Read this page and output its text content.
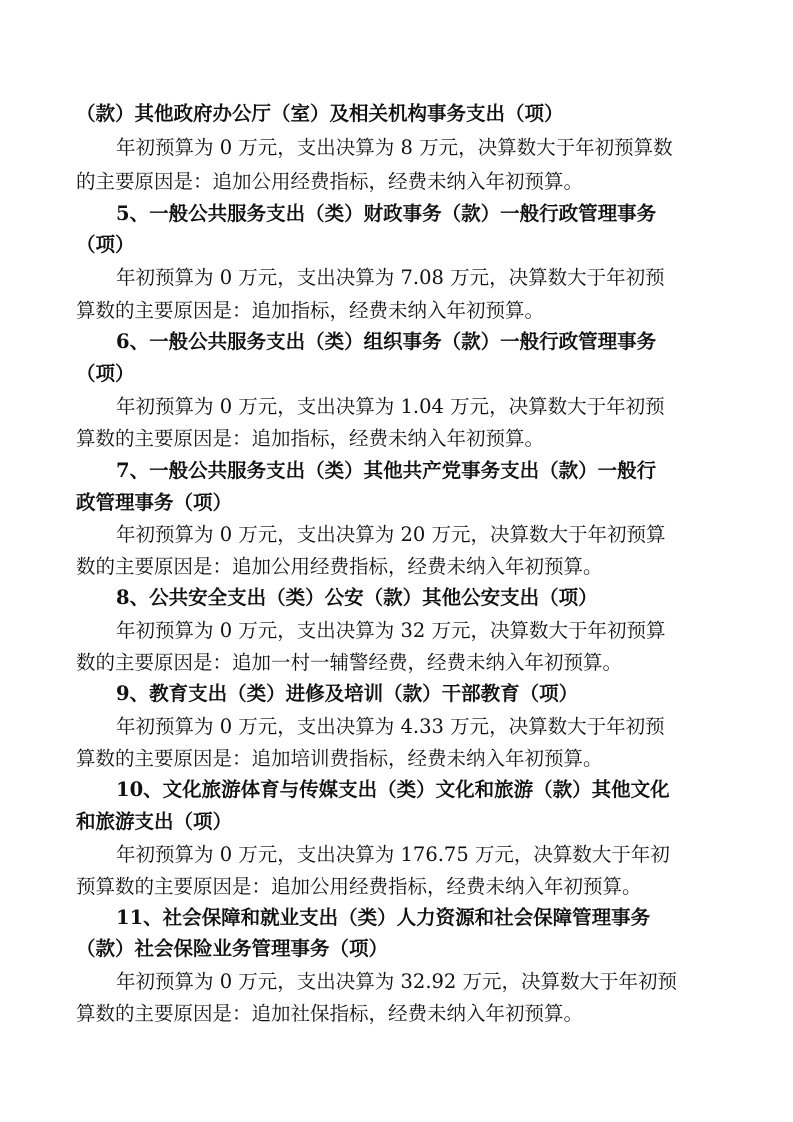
（款）其他政府办公厅（室）及相关机构事务支出（项）
年初预算为 0 万元，支出决算为 8 万元，决算数大于年初预算数
的主要原因是：追加公用经费指标，经费未纳入年初预算。
5、一般公共服务支出（类）财政事务（款）一般行政管理事务
（项）
年初预算为 0 万元，支出决算为 7.08 万元，决算数大于年初预
算数的主要原因是：追加指标，经费未纳入年初预算。
6、一般公共服务支出（类）组织事务（款）一般行政管理事务
（项）
年初预算为 0 万元，支出决算为 1.04 万元，决算数大于年初预
算数的主要原因是：追加指标，经费未纳入年初预算。
7、一般公共服务支出（类）其他共产党事务支出（款）一般行
政管理事务（项）
年初预算为 0 万元，支出决算为 20 万元，决算数大于年初预算
数的主要原因是：追加公用经费指标，经费未纳入年初预算。
8、公共安全支出（类）公安（款）其他公安支出（项）
年初预算为 0 万元，支出决算为 32 万元，决算数大于年初预算
数的主要原因是：追加一村一辅警经费，经费未纳入年初预算。
9、教育支出（类）进修及培训（款）干部教育（项）
年初预算为 0 万元，支出决算为 4.33 万元，决算数大于年初预
算数的主要原因是：追加培训费指标，经费未纳入年初预算。
10、文化旅游体育与传媒支出（类）文化和旅游（款）其他文化
和旅游支出（项）
年初预算为 0 万元，支出决算为 176.75 万元，决算数大于年初
预算数的主要原因是：追加公用经费指标，经费未纳入年初预算。
11、社会保障和就业支出（类）人力资源和社会保障管理事务
（款）社会保险业务管理事务（项）
年初预算为 0 万元，支出决算为 32.92 万元，决算数大于年初预
算数的主要原因是：追加社保指标，经费未纳入年初预算。
